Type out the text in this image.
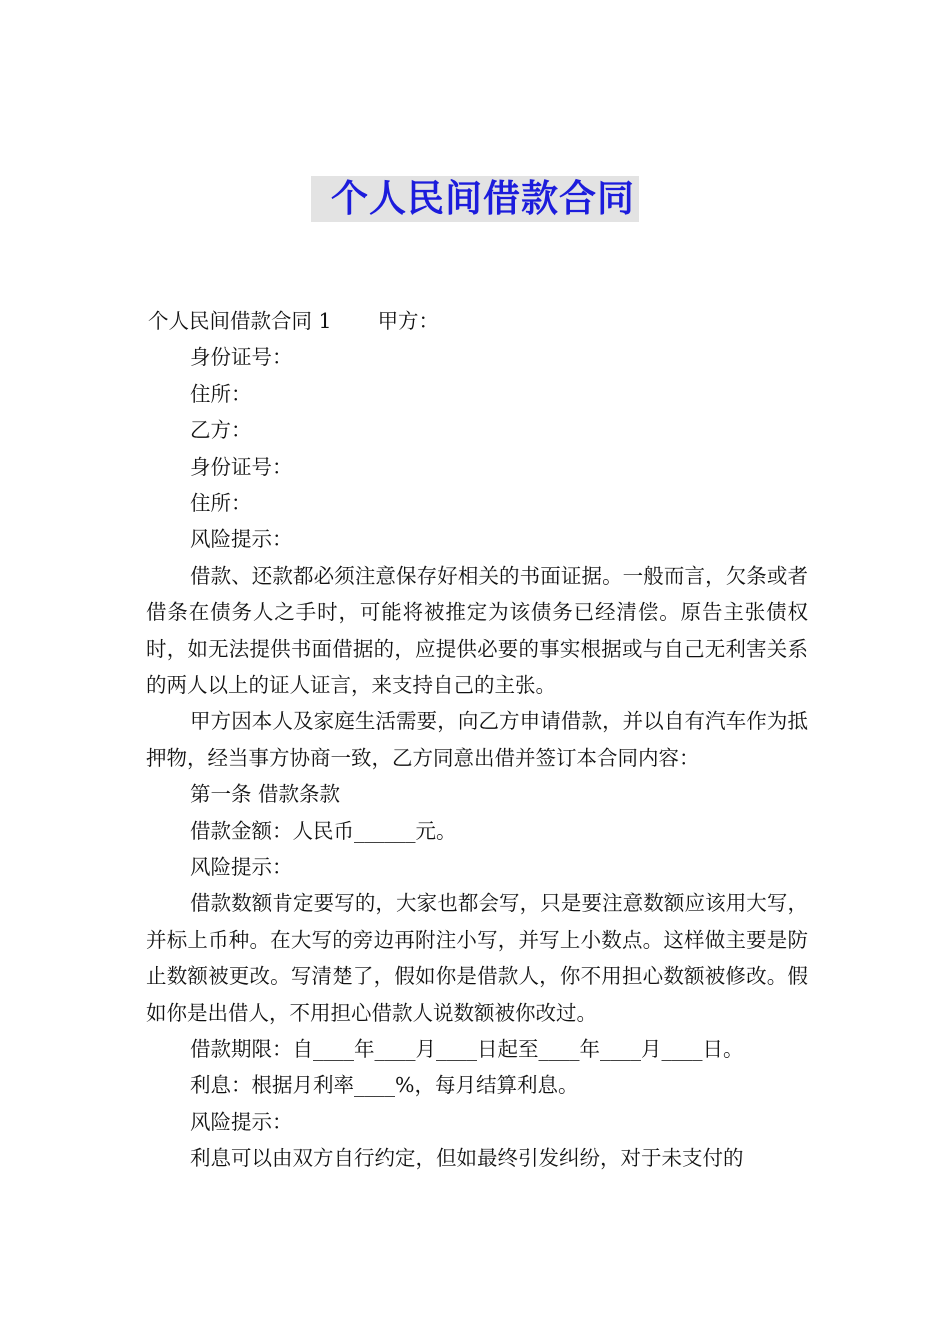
个人民间借款合同
个人民间借款合同 1 甲方：
身份证号：
住所：
乙方：
身份证号：
住所：
风险提示：

借款、还款都必须注意保存好相关的书面证据。一般而言，欠条或者借条在债务人之手时，可能将被推定为该债务已经清偿。原告主张债权时，如无法提供书面借据的，应提供必要的事实根据或与自己无利害关系的两人以上的证人证言，来支持自己的主张。

甲方因本人及家庭生活需要，向乙方申请借款，并以自有汽车作为抵押物，经当事方协商一致，乙方同意出借并签订本合同内容：

第一条 借款条款
借款金额：人民币______元。
风险提示：

借款数额肯定要写的，大家也都会写，只是要注意数额应该用大写，并标上币种。在大写的旁边再附注小写，并写上小数点。这样做主要是防止数额被更改。写清楚了，假如你是借款人，你不用担心数额被修改。假如你是出借人，不用担心借款人说数额被你改过。

借款期限：自____年____月____日起至____年____月____日。
利息：根据月利率____%，每月结算利息。
风险提示：
利息可以由双方自行约定，但如最终引发纠纷，对于未支付的
